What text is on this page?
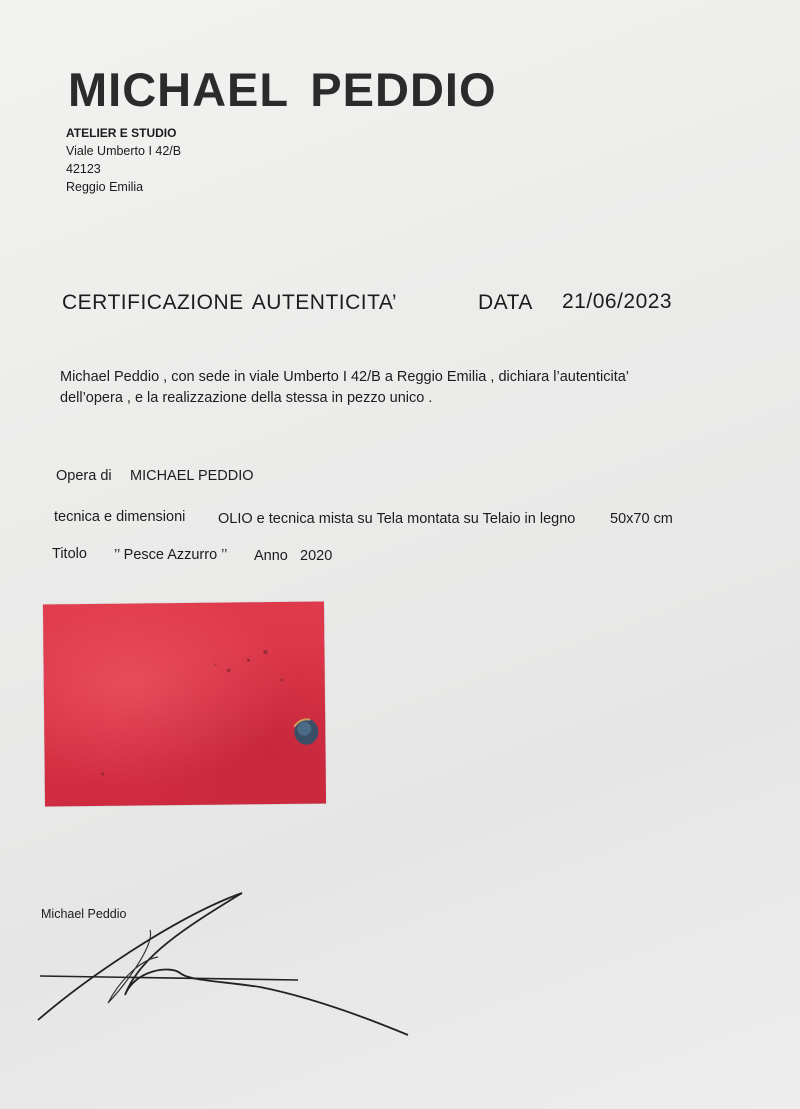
MICHAEL PEDDIO
ATELIER E STUDIO
Viale Umberto I 42/B
42123
Reggio Emilia
CERTIFICAZIONE AUTENTICITA’	DATA 21/06/2023
Michael Peddio , con sede in viale Umberto I 42/B a Reggio Emilia , dichiara l’autenticita’
dell’opera , e la realizzazione della stessa in pezzo unico .
Opera di MICHAEL PEDDIO
tecnica e dimensioni OLIO e tecnica mista su Tela montata su Telaio in legno 50x70 cm
Titolo ’’ Pesce Azzurro ’’ Anno 2020
Michael Peddio
